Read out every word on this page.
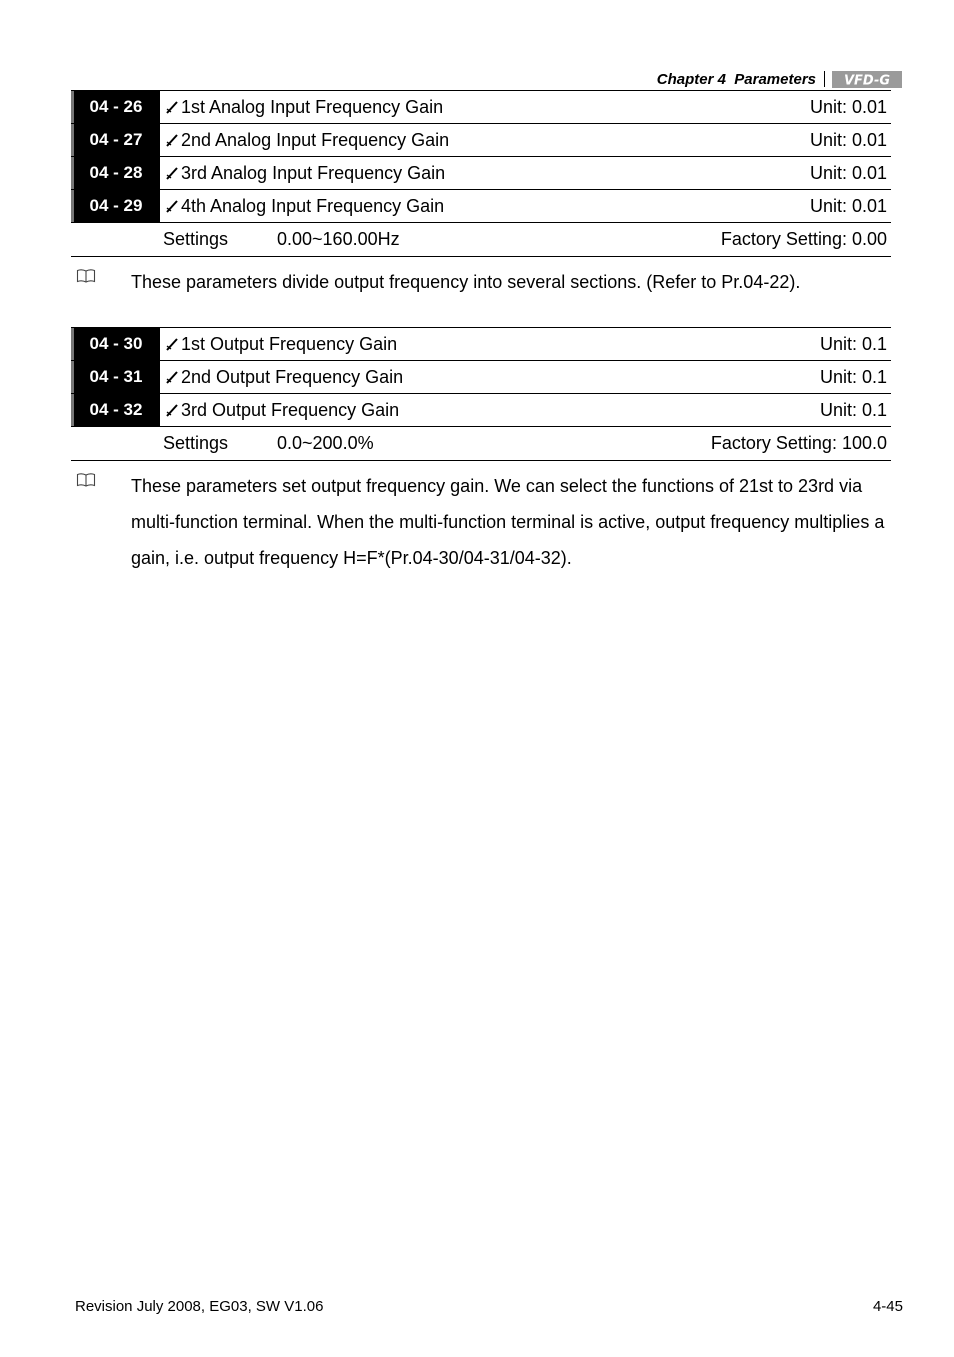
Chapter 4  Parameters VFD-G
04 - 26	1st Analog Input Frequency Gain	Unit: 0.01
04 - 27	2nd Analog Input Frequency Gain	Unit: 0.01
04 - 28	3rd Analog Input Frequency Gain	Unit: 0.01
04 - 29	4th Analog Input Frequency Gain	Unit: 0.01
Settings	0.00~160.00Hz	Factory Setting: 0.00
These parameters divide output frequency into several sections. (Refer to Pr.04-22).
04 - 30	1st Output Frequency Gain	Unit: 0.1
04 - 31	2nd Output Frequency Gain	Unit: 0.1
04 - 32	3rd Output Frequency Gain	Unit: 0.1
Settings	0.0~200.0%	Factory Setting: 100.0
These parameters set output frequency gain. We can select the functions of 21st to 23rd via multi-function terminal. When the multi-function terminal is active, output frequency multiplies a gain, i.e. output frequency H=F*(Pr.04-30/04-31/04-32).
Revision July 2008, EG03, SW V1.06	4-45
